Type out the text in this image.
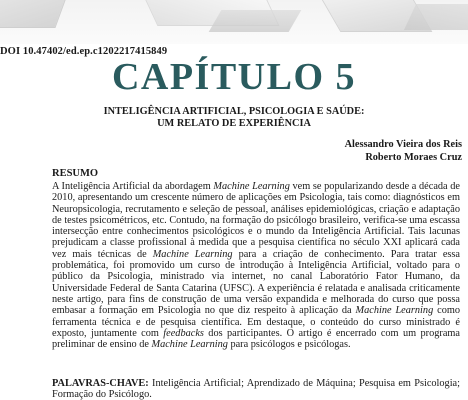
DOI 10.47402/ed.ep.c1202217415849
CAPÍTULO 5
INTELIGÊNCIA ARTIFICIAL, PSICOLOGIA E SAÚDE:
UM RELATO DE EXPERIÊNCIA
Alessandro Vieira dos Reis
Roberto Moraes Cruz
RESUMO
A Inteligência Artificial da abordagem Machine Learning vem se popularizando desde a década de 2010, apresentando um crescente número de aplicações em Psicologia, tais como: diagnósticos em Neuropsicologia, recrutamento e seleção de pessoal, análises epidemiológicas, criação e adaptação de testes psicométricos, etc. Contudo, na formação do psicólogo brasileiro, verifica-se uma escassa intersecção entre conhecimentos psicológicos e o mundo da Inteligência Artificial. Tais lacunas prejudicam a classe profissional à medida que a pesquisa científica no século XXI aplicará cada vez mais técnicas de Machine Learning para a criação de conhecimento. Para tratar essa problemática, foi promovido um curso de introdução à Inteligência Artificial, voltado para o público da Psicologia, ministrado via internet, no canal Laboratório Fator Humano, da Universidade Federal de Santa Catarina (UFSC). A experiência é relatada e analisada criticamente neste artigo, para fins de construção de uma versão expandida e melhorada do curso que possa embasar a formação em Psicologia no que diz respeito à aplicação da Machine Learning como ferramenta técnica e de pesquisa científica. Em destaque, o conteúdo do curso ministrado é exposto, juntamente com feedbacks dos participantes. O artigo é encerrado com um programa preliminar de ensino de Machine Learning para psicólogos e psicólogas.
PALAVRAS-CHAVE: Inteligência Artificial; Aprendizado de Máquina; Pesquisa em Psicologia; Formação do Psicólogo.
